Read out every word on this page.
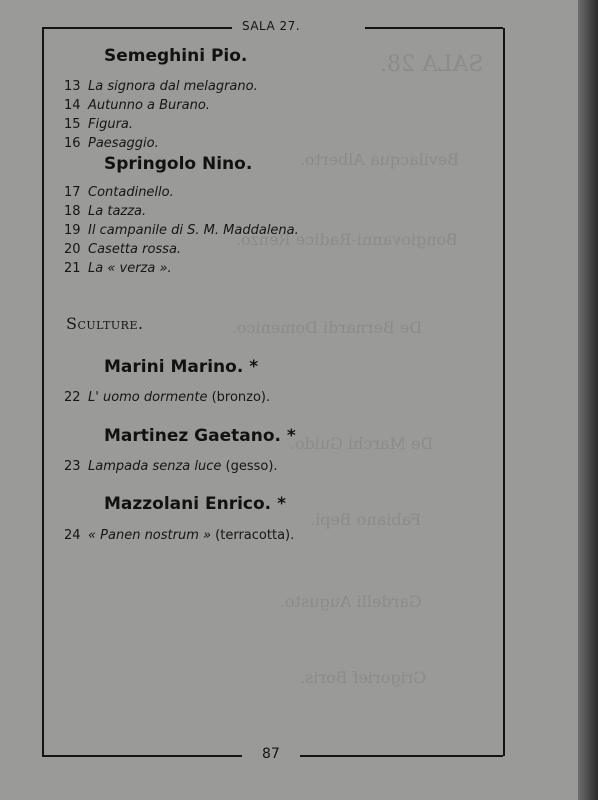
SALA 28.
Bevilacqua Alberto.
Bongiovanni-Radice Renzo.
De Bernardi Domenico.
De Marchi Guido.
Fabiano Bepi.
Gardelli Augusto.
Grigorief Boris.
SALA 27.
Semeghini Pio.
13 La signora dal melagrano.
14 Autunno a Burano.
15 Figura.
16 Paesaggio.
Springolo Nino.
17 Contadinello.
18 La tazza.
19 Il campanile di S. M. Maddalena.
20 Casetta rossa.
21 La « verza ».
Sculture.
Marini Marino. *
22 L' uomo dormente (bronzo).
Martinez Gaetano. *
23 Lampada senza luce (gesso).
Mazzolani Enrico. *
24 « Panen nostrum » (terracotta).
87
